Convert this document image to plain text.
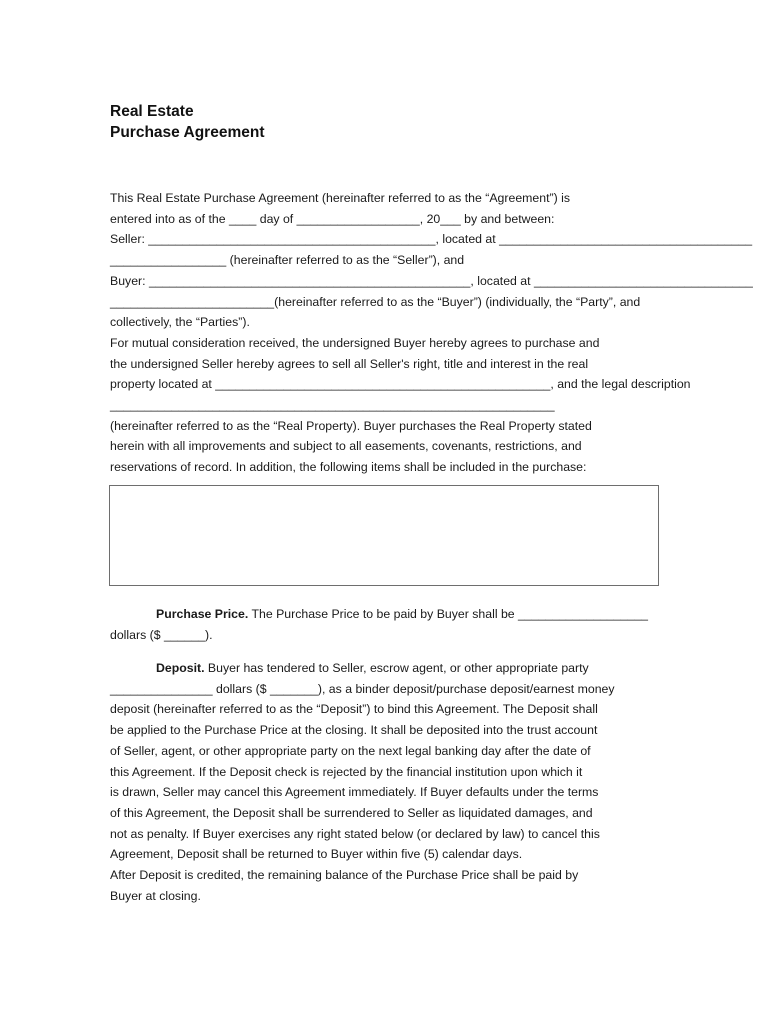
Real Estate
Purchase Agreement
This Real Estate Purchase Agreement (hereinafter referred to as the “Agreement”) is
entered into as of the ____ day of __________________, 20___ by and between:
Seller: __________________________________________, located at _____________________________________
_________________ (hereinafter referred to as the “Seller”), and
Buyer: _______________________________________________, located at ________________________________
________________________(hereinafter referred to as the “Buyer”) (individually, the “Party”, and
collectively, the “Parties”).
For mutual consideration received, the undersigned Buyer hereby agrees to purchase and
the undersigned Seller hereby agrees to sell all Seller's right, title and interest in the real
property located at _________________________________________________, and the legal description
_________________________________________________________________
(hereinafter referred to as the “Real Property). Buyer purchases the Real Property stated
herein with all improvements and subject to all easements, covenants, restrictions, and
reservations of record. In addition, the following items shall be included in the purchase:
Purchase Price. The Purchase Price to be paid by Buyer shall be ___________________
dollars ($ ______).
Deposit. Buyer has tendered to Seller, escrow agent, or other appropriate party
_______________ dollars ($ _______), as a binder deposit/purchase deposit/earnest money
deposit (hereinafter referred to as the “Deposit”) to bind this Agreement. The Deposit shall
be applied to the Purchase Price at the closing. It shall be deposited into the trust account
of Seller, agent, or other appropriate party on the next legal banking day after the date of
this Agreement. If the Deposit check is rejected by the financial institution upon which it
is drawn, Seller may cancel this Agreement immediately. If Buyer defaults under the terms
of this Agreement, the Deposit shall be surrendered to Seller as liquidated damages, and
not as penalty. If Buyer exercises any right stated below (or declared by law) to cancel this
Agreement, Deposit shall be returned to Buyer within five (5) calendar days.
After Deposit is credited, the remaining balance of the Purchase Price shall be paid by
Buyer at closing.
